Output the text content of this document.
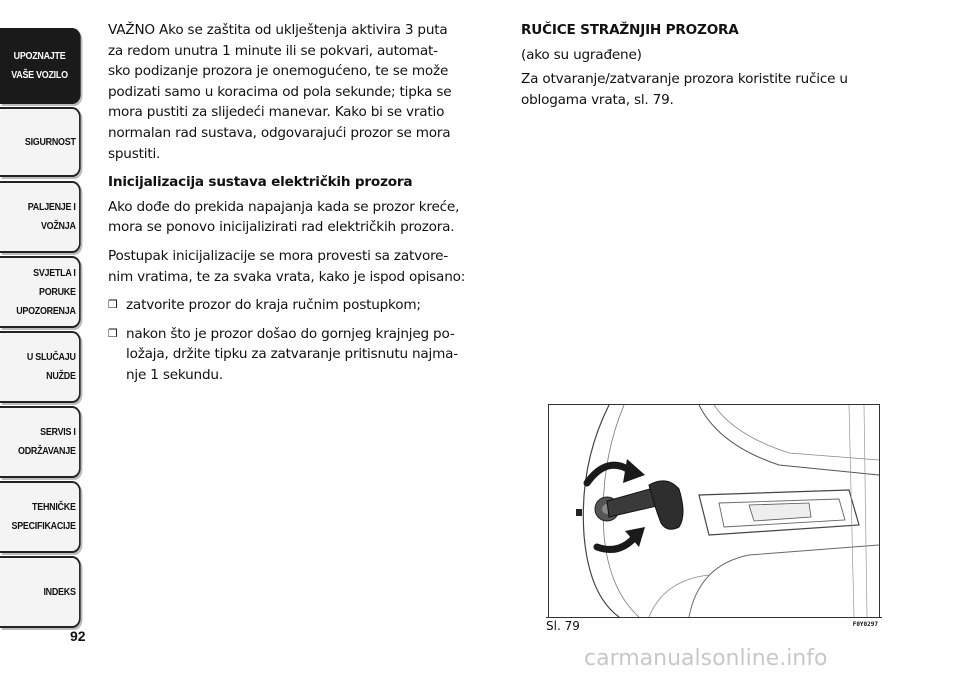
UPOZNAJTE
VAŠE VOZILO
SIGURNOST
PALJENJE I
VOŽNJA
SVJETLA I PORUKE
UPOZORENJA
U SLUČAJU
NUŽDE
SERVIS I
ODRŽAVANJE
TEHNIČKE
SPECIFIKACIJE
INDEKS
92
VAŽNO Ako se zaštita od uklještenja aktivira 3 puta
za redom unutra 1 minute ili se pokvari, automat-
sko podizanje prozora je onemogućeno, te se može
podizati samo u koracima od pola sekunde; tipka se
mora pustiti za slijedeći manevar. Kako bi se vratio
normalan rad sustava, odgovarajući prozor se mora
spustiti.
Inicijalizacija sustava električkih prozora
Ako dođe do prekida napajanja kada se prozor kreće,
mora se ponovo inicijalizirati rad električkih prozora.
Postupak inicijalizacije se mora provesti sa zatvore-
nim vratima, te za svaka vrata, kako je ispod opisano:
❒ zatvorite prozor do kraja ručnim postupkom;
❒ nakon što je prozor došao do gornjeg krajnjeg po-
ložaja, držite tipku za zatvaranje pritisnutu najma-
nje 1 sekundu.
RUČICE STRAŽNJIH PROZORA
(ako su ugrađene)
Za otvaranje/zatvaranje prozora koristite ručice u
oblogama vrata, sl. 79.
Sl. 79	F0Y0297
carmanualsonline.info
